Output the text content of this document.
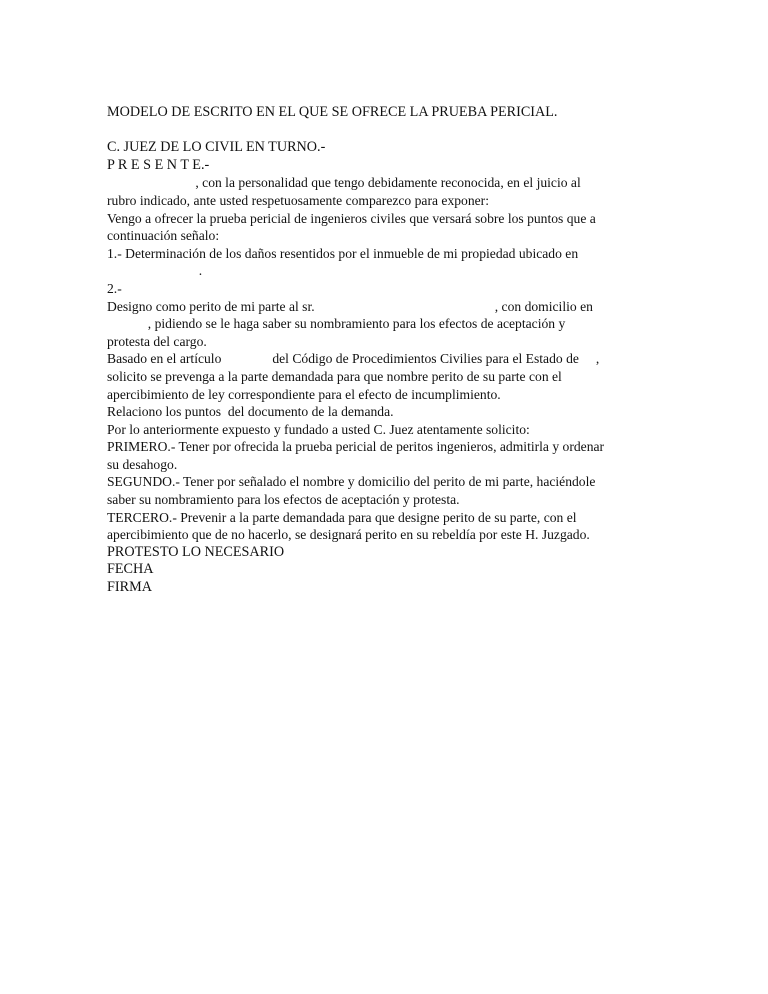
MODELO DE ESCRITO EN EL QUE SE OFRECE LA PRUEBA PERICIAL.
C. JUEZ DE LO CIVIL EN TURNO.-
P R E S E N T E.-
, con la personalidad que tengo debidamente reconocida, en el juicio al
rubro indicado, ante usted respetuosamente comparezco para exponer:
Vengo a ofrecer la prueba pericial de ingenieros civiles que versará sobre los puntos que a
continuación señalo:
1.- Determinación de los daños resentidos por el inmueble de mi propiedad ubicado en
.
2.-
Designo como perito de mi parte al sr.                                                     , con domicilio en
, pidiendo se le haga saber su nombramiento para los efectos de aceptación y
protesta del cargo.
Basado en el artículo               del Código de Procedimientos Civilies para el Estado de     ,
solicito se prevenga a la parte demandada para que nombre perito de su parte con el
apercibimiento de ley correspondiente para el efecto de incumplimiento.
Relaciono los puntos  del documento de la demanda.
Por lo anteriormente expuesto y fundado a usted C. Juez atentamente solicito:
PRIMERO.- Tener por ofrecida la prueba pericial de peritos ingenieros, admitirla y ordenar
su desahogo.
SEGUNDO.- Tener por señalado el nombre y domicilio del perito de mi parte, haciéndole
saber su nombramiento para los efectos de aceptación y protesta.
TERCERO.- Prevenir a la parte demandada para que designe perito de su parte, con el
apercibimiento que de no hacerlo, se designará perito en su rebeldía por este H. Juzgado.
PROTESTO LO NECESARIO
FECHA
FIRMA
